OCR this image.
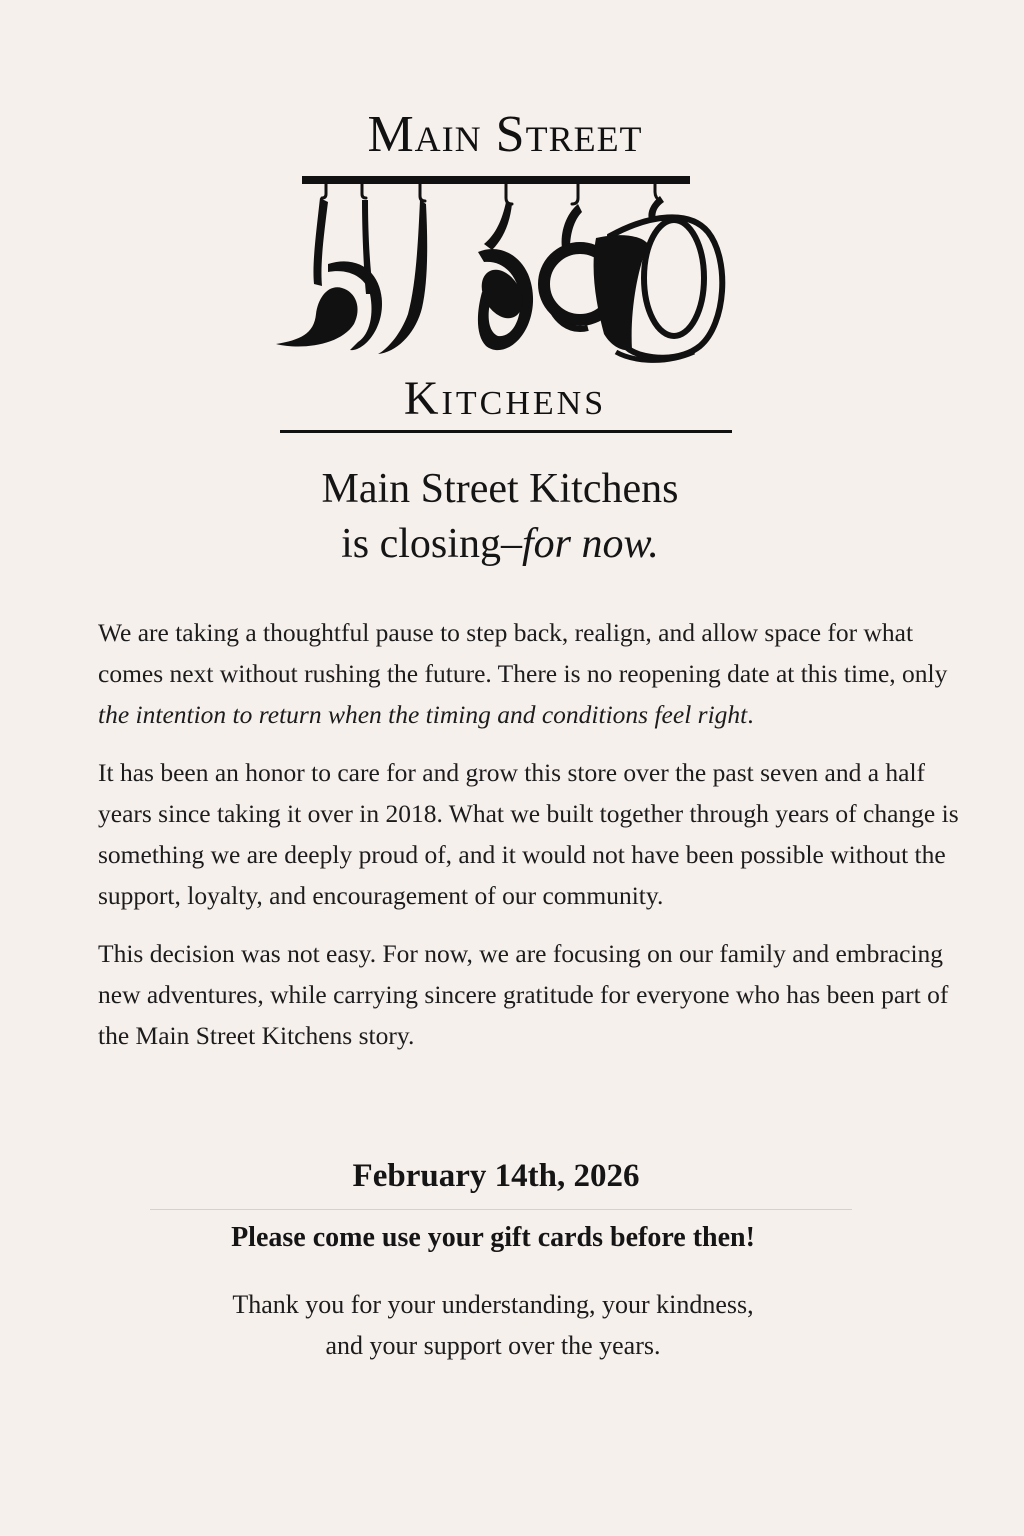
Main Street
Kitchens
Main Street Kitchens
is closing–for now.

We are taking a thoughtful pause to step back, realign, and allow space for what comes next without rushing the future. There is no reopening date at this time, only the intention to return when the timing and conditions feel right.

It has been an honor to care for and grow this store over the past seven and a half years since taking it over in 2018. What we built together through years of change is something we are deeply proud of, and it would not have been possible without the support, loyalty, and encouragement of our community.

This decision was not easy. For now, we are focusing on our family and embracing new adventures, while carrying sincere gratitude for everyone who has been part of the Main Street Kitchens story.

February 14th, 2026
Please come use your gift cards before then!
Thank you for your understanding, your kindness,
and your support over the years.
